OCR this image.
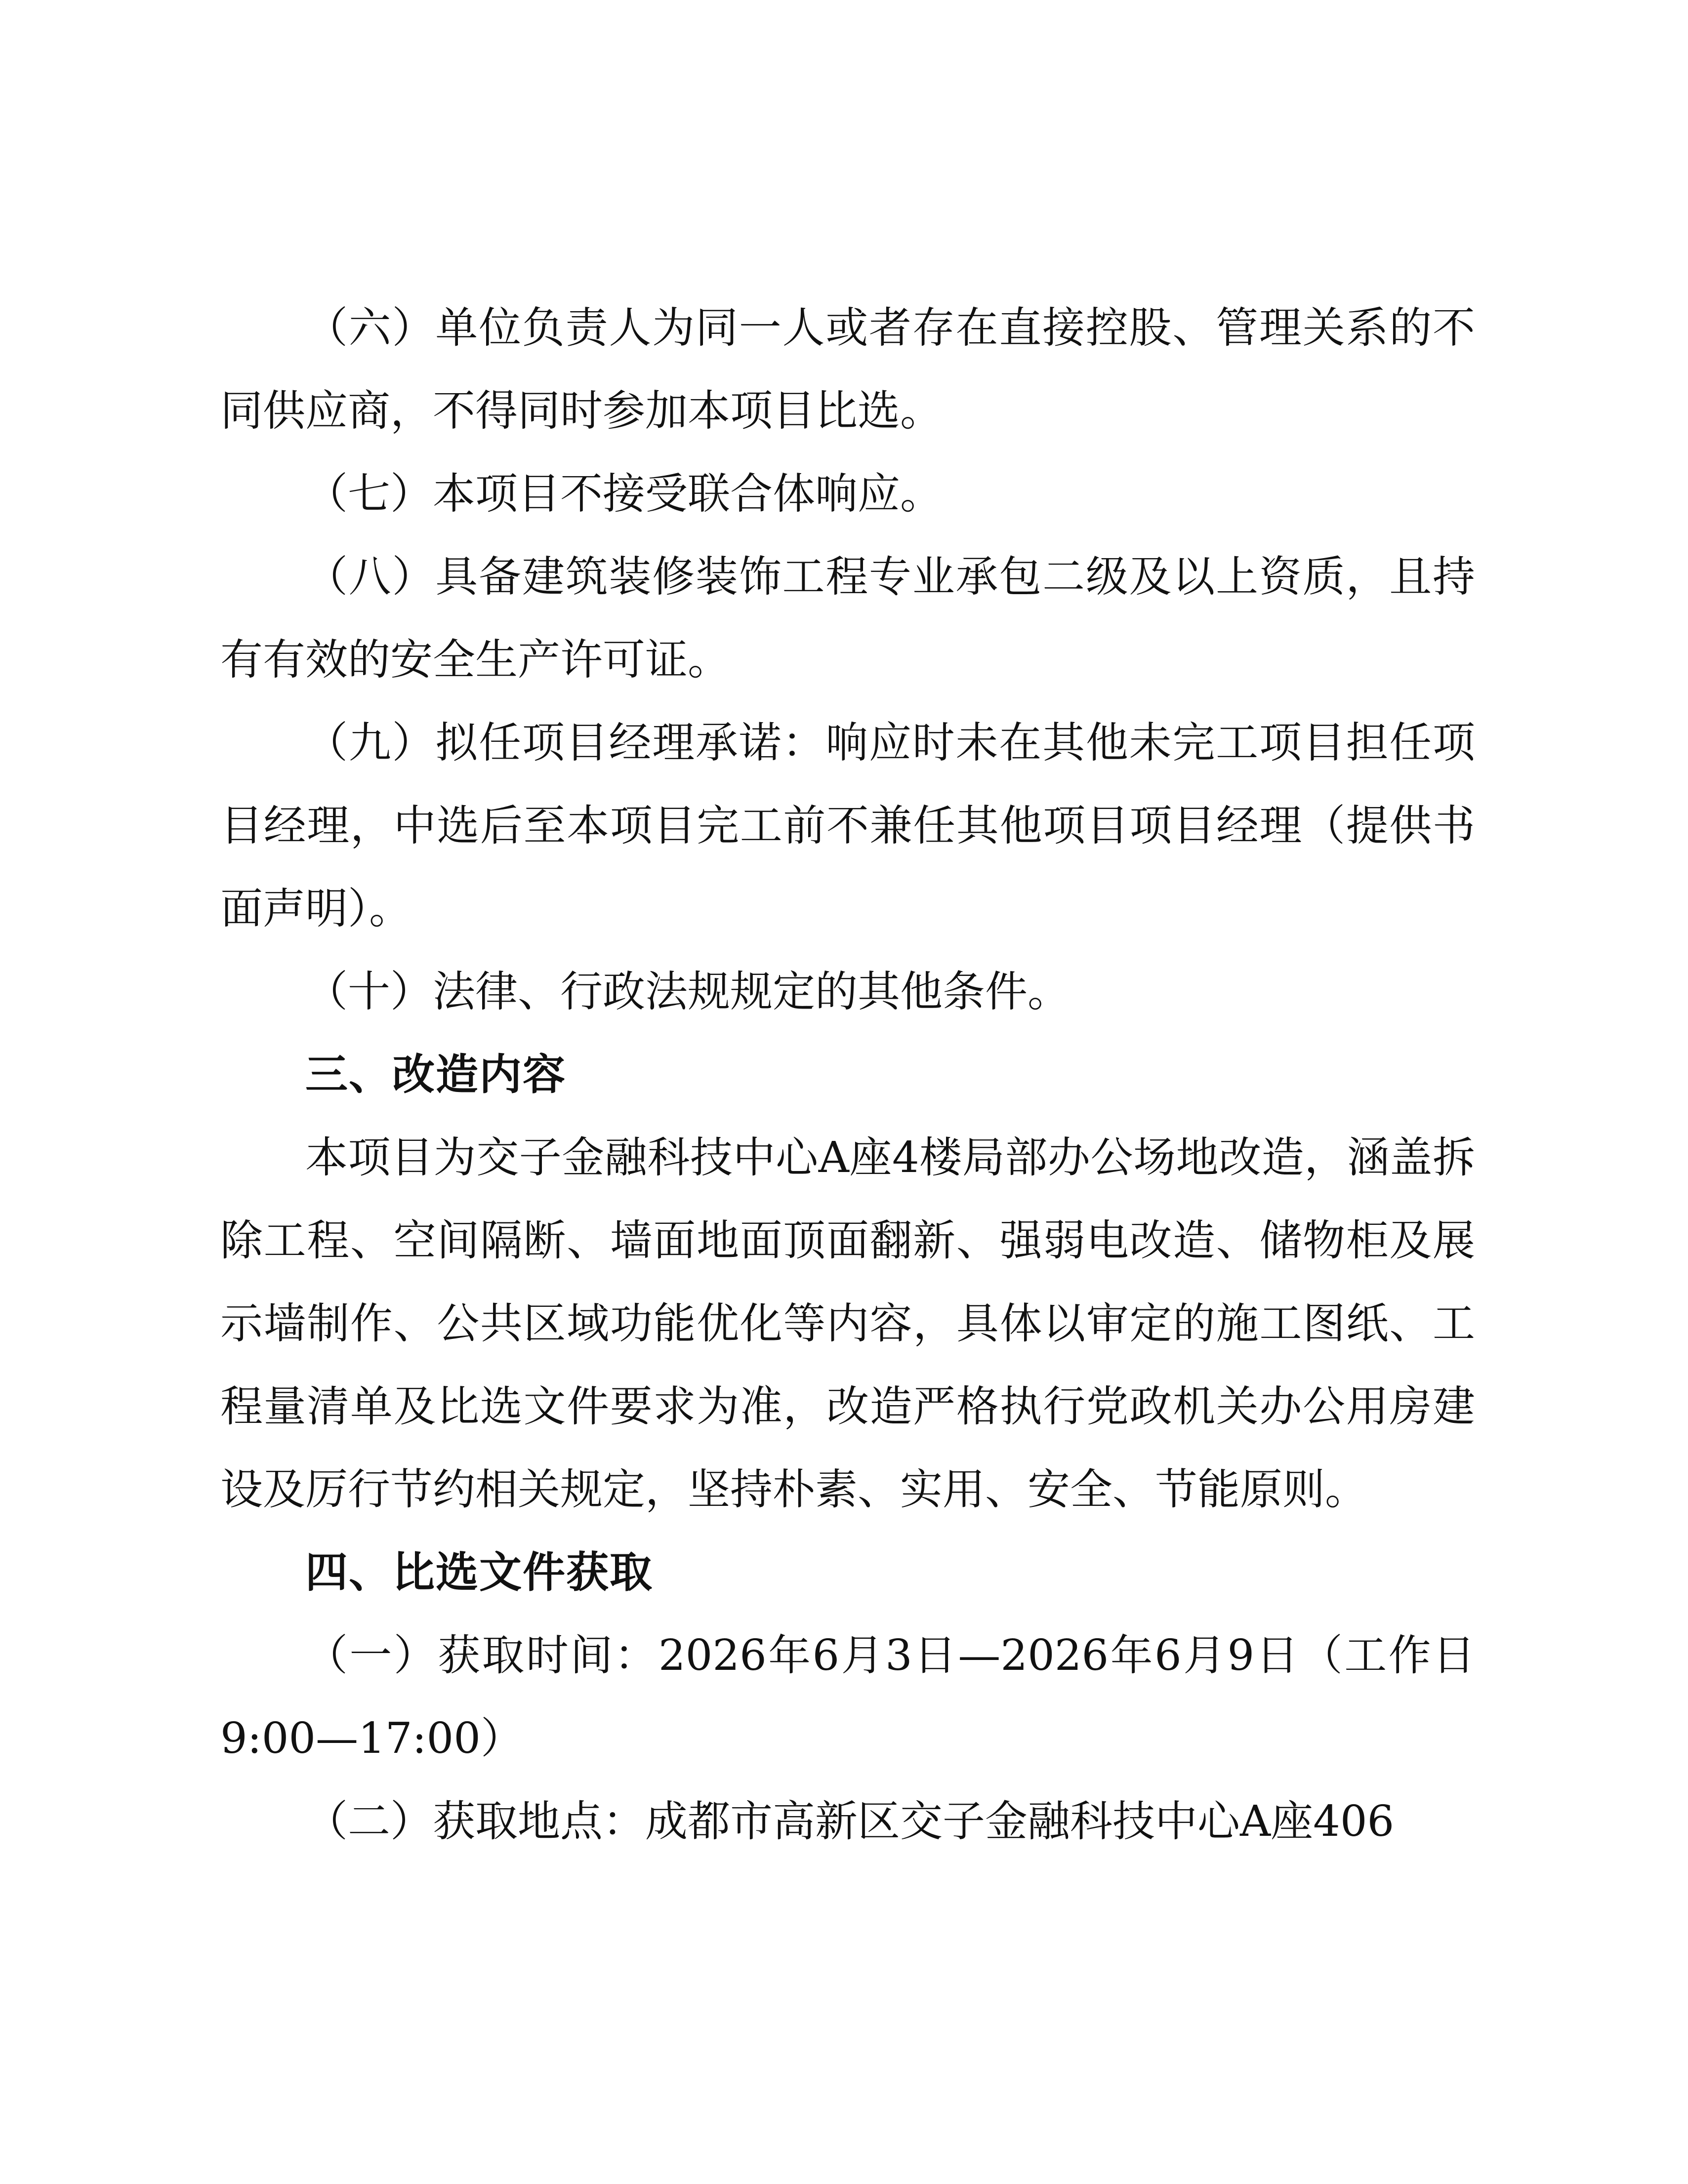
（六）单位负责人为同一人或者存在直接控股、管理关系的不同供应商，不得同时参加本项目比选。

（七）本项目不接受联合体响应。

（八）具备建筑装修装饰工程专业承包二级及以上资质，且持有有效的安全生产许可证。

（九）拟任项目经理承诺：响应时未在其他未完工项目担任项目经理，中选后至本项目完工前不兼任其他项目项目经理（提供书面声明）。

（十）法律、行政法规规定的其他条件。

三、改造内容

本项目为交子金融科技中心A座4楼局部办公场地改造，涵盖拆除工程、空间隔断、墙面地面顶面翻新、强弱电改造、储物柜及展示墙制作、公共区域功能优化等内容，具体以审定的施工图纸、工程量清单及比选文件要求为准，改造严格执行党政机关办公用房建设及厉行节约相关规定，坚持朴素、实用、安全、节能原则。

四、比选文件获取

（一）获取时间：2026年6月3日—2026年6月9日（工作日9:00—17:00）

（二）获取地点：成都市高新区交子金融科技中心A座406
